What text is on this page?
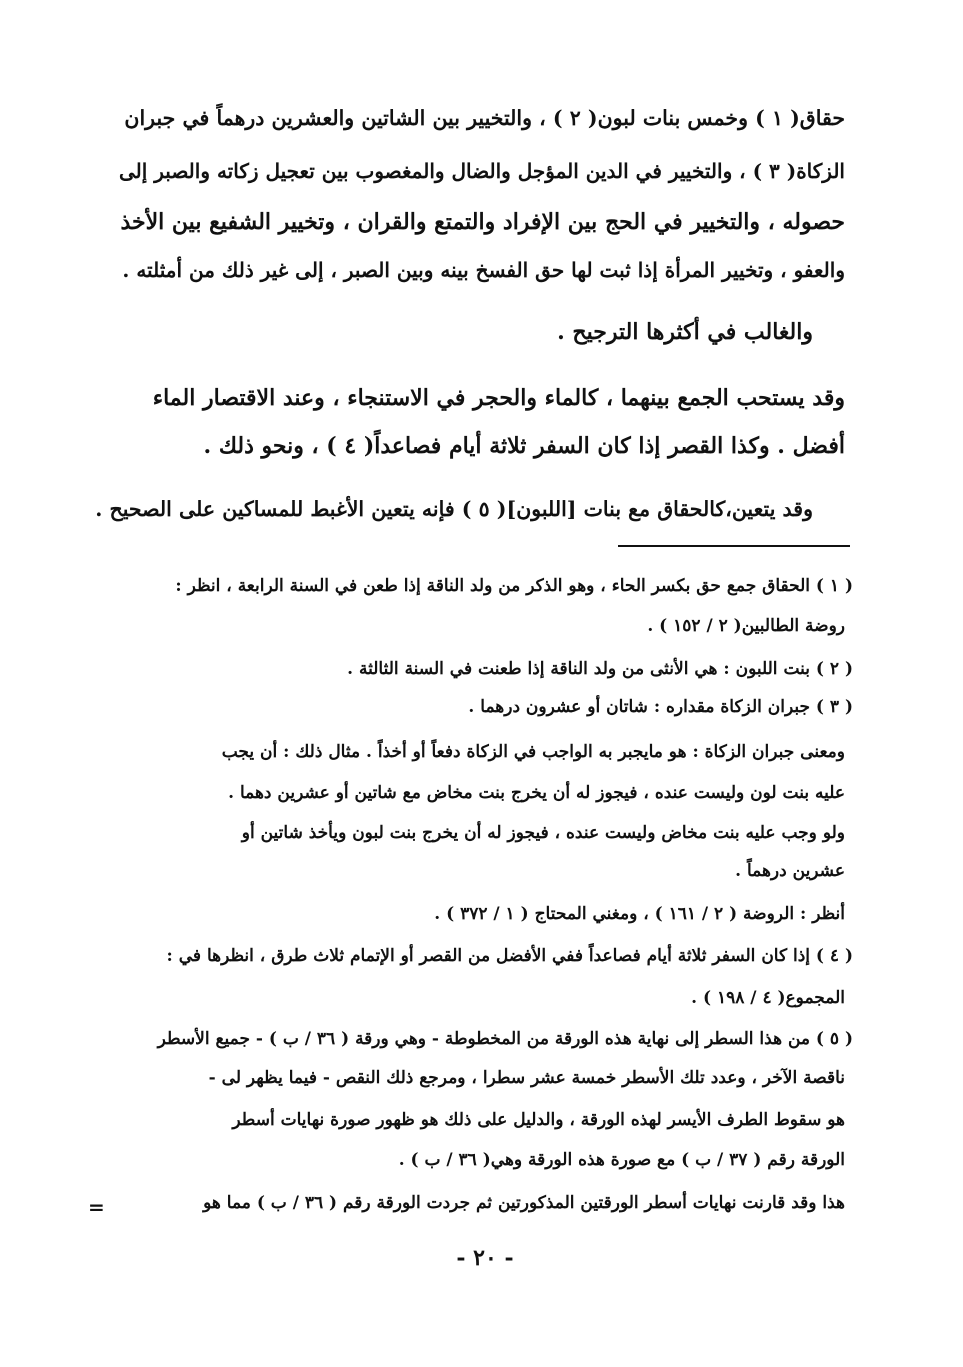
حقاق( ١ ) وخمس بنات لبون( ٢ ) ، والتخيير بين الشاتين والعشرين درهماً في جبران
الزكاة( ٣ ) ، والتخيير في الدين المؤجل والضال والمغصوب بين تعجيل زكاته والصبر إلى
حصوله ، والتخيير في الحج بين الإفراد والتمتع والقران ، وتخيير الشفيع بين الأخذ
والعفو ، وتخيير المرأة إذا ثبت لها حق الفسخ بينه وبين الصبر ، إلى غير ذلك من أمثلته .
والغالب في أكثرها الترجيح .
وقد يستحب الجمع بينهما ، كالماء والحجر في الاستنجاء ، وعند الاقتصار الماء
أفضل . وكذا القصر إذا كان السفر ثلاثة أيام فصاعداً( ٤ ) ، ونحو ذلك .
وقد يتعين،كالحقاق مع بنات [اللبون]( ٥ ) فإنه يتعين الأغبط للمساكين على الصحيح .
( ١ ) الحقاق جمع حق بكسر الحاء ، وهو الذكر من ولد الناقة إذا طعن في السنة الرابعة ، انظر :
روضة الطالبين( ٢ / ١٥٢ ) .
( ٢ ) بنت اللبون : هي الأنثى من ولد الناقة إذا طعنت في السنة الثالثة .
( ٣ ) جبران الزكاة مقداره : شاتان أو عشرون درهما .
ومعنى جبران الزكاة : هو مايجبر به الواجب في الزكاة دفعاً أو أخذاً . مثال ذلك : أن يجب
عليه بنت لون وليست عنده ، فيجوز له أن يخرج بنت مخاض مع شاتين أو عشرين دهما .
ولو وجب عليه بنت مخاض وليست عنده ، فيجوز له أن يخرج بنت لبون ويأخذ شاتين أو
عشرين درهماً .
أنظر : الروضة ( ٢ / ١٦١ ) ، ومغني المحتاج ( ١ / ٣٧٢ ) .
( ٤ ) إذا كان السفر ثلاثة أيام فصاعداً ففي الأفضل من القصر أو الإتمام ثلاث طرق ، انظرها في :
المجموع( ٤ / ١٩٨ ) .
( ٥ ) من هذا السطر إلى نهاية هذه الورقة من المخطوطة - وهي ورقة ( ٣٦ / ب ) - جميع الأسطر
ناقصة الآخر ، وعدد تلك الأسطر خمسة عشر سطرا ، ومرجع ذلك النقص - فيما يظهر لى -
هو سقوط الطرف الأيسر لهذه الورقة ، والدليل على ذلك هو ظهور صورة نهايات أسطر
الورقة رقم ( ٣٧ / ب ) مع صورة هذه الورقة وهي( ٣٦ / ب ) .
هذا وقد قارنت نهايات أسطر الورقتين المذكورتين ثم جردت الورقة رقم ( ٣٦ / ب ) مما هو
=
- ٢٠ -
